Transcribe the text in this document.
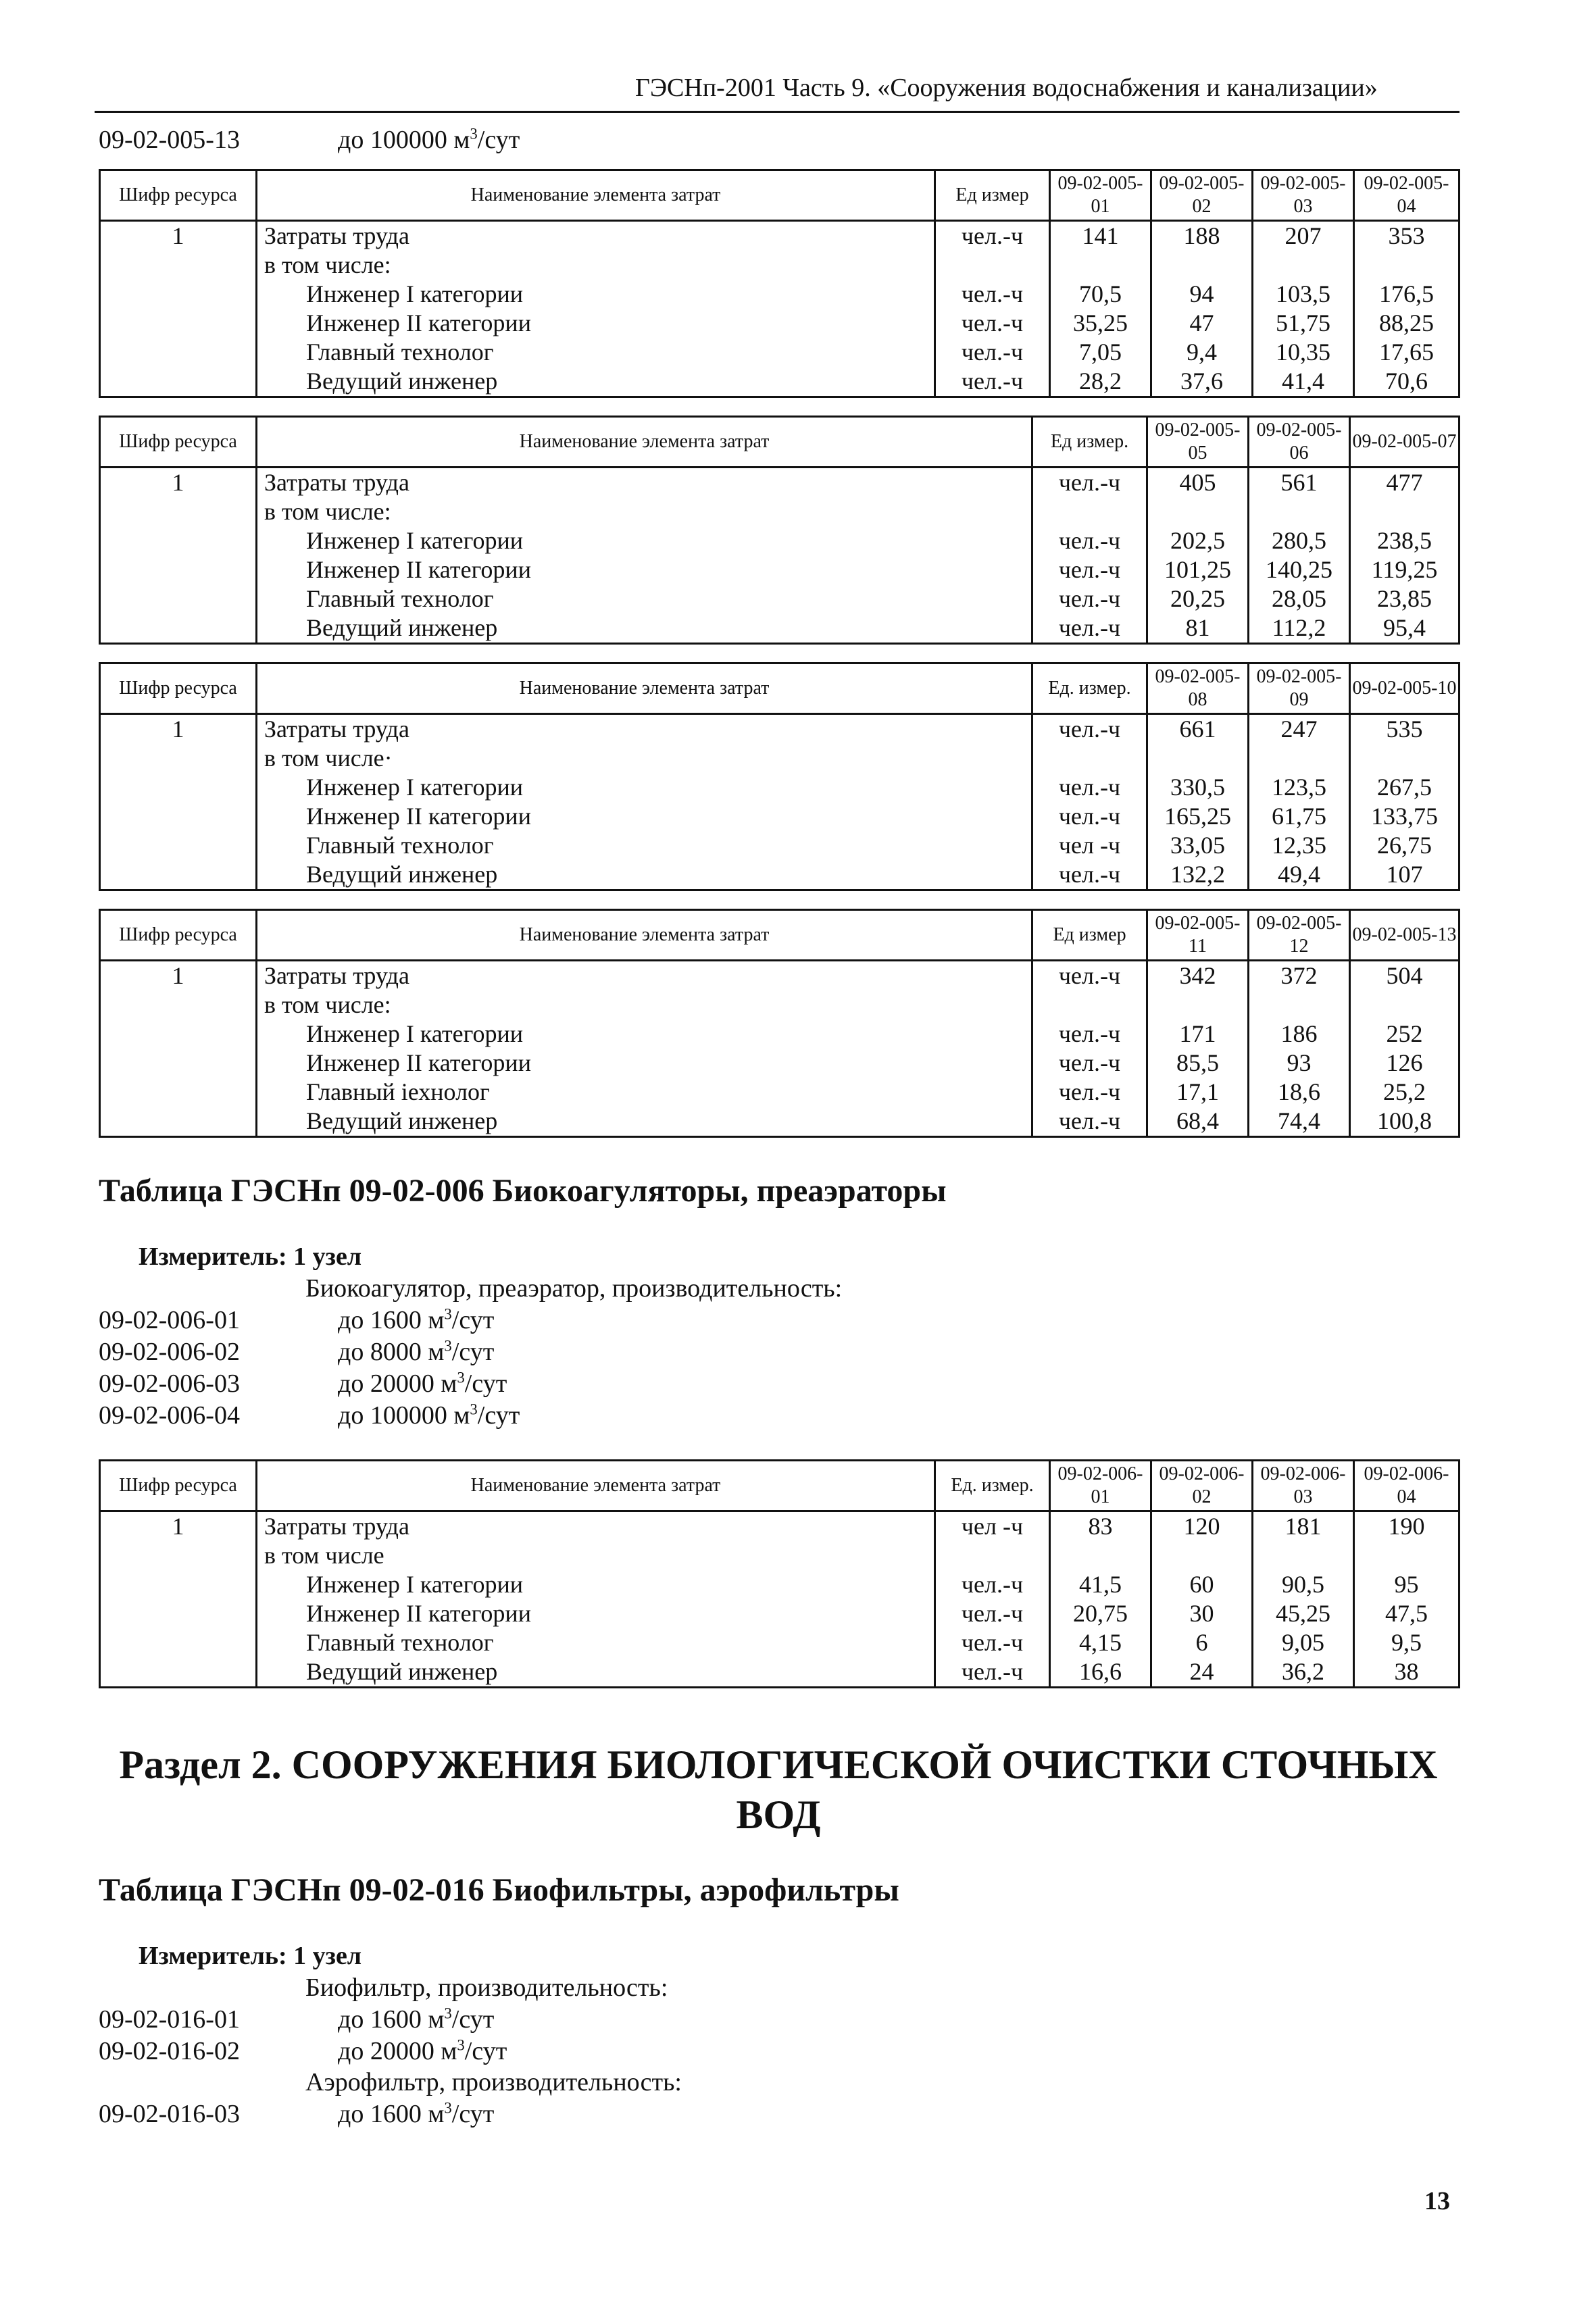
ГЭСНп-2001 Часть 9. «Сооружения водоснабжения и канализации»
09-02-005-13	до 100000 $м^3$/сут
Шифр ресурса	Наименование элемента затрат	Ед измер	09-02-005-01	09-02-005-02	09-02-005-03	09-02-005-04
1	Затраты труда	чел.-ч	141	188	207	353
	в том числе:					
	Инженер I категории	чел.-ч	70,5	94	103,5	176,5
	Инженер II категории	чел.-ч	35,25	47	51,75	88,25
	Главный технолог	чел.-ч	7,05	9,4	10,35	17,65
	Ведущий инженер	чел.-ч	28,2	37,6	41,4	70,6
Шифр ресурса	Наименование элемента затрат	Ед измер.	09-02-005-05	09-02-005-06	09-02-005-07
1	Затраты труда	чел.-ч	405	561	477
	в том числе:				
	Инженер I категории	чел.-ч	202,5	280,5	238,5
	Инженер II категории	чел.-ч	101,25	140,25	119,25
	Главный технолог	чел.-ч	20,25	28,05	23,85
	Ведущий инженер	чел.-ч	81	112,2	95,4
Шифр ресурса	Наименование элемента затрат	Ед. измер.	09-02-005-08	09-02-005-09	09-02-005-10
1	Затраты труда	чел.-ч	661	247	535
	в том числе·				
	Инженер I категории	чел.-ч	330,5	123,5	267,5
	Инженер II категории	чел.-ч	165,25	61,75	133,75
	Главный технолог	чел -ч	33,05	12,35	26,75
	Ведущий инженер	чел.-ч	132,2	49,4	107
Шифр ресурса	Наименование элемента затрат	Ед измер	09-02-005-11	09-02-005-12	09-02-005-13
1	Затраты труда	чел.-ч	342	372	504
	в том числе:				
	Инженер I категории	чел.-ч	171	186	252
	Инженер II категории	чел.-ч	85,5	93	126
	Главный іехнолог	чел.-ч	17,1	18,6	25,2
	Ведущий инженер	чел.-ч	68,4	74,4	100,8
Шифр ресурса	Наименование элемента затрат	Ед. измер.	09-02-006-01	09-02-006-02	09-02-006-03	09-02-006-04
1	Затраты труда	чел -ч	83	120	181	190
	в том числе					
	Инженер I категории	чел.-ч	41,5	60	90,5	95
	Инженер II категории	чел.-ч	20,75	30	45,25	47,5
	Главный технолог	чел.-ч	4,15	6	9,05	9,5
	Ведущий инженер	чел.-ч	16,6	24	36,2	38
Таблица ГЭСНп 09-02-006 Биокоагуляторы, преаэраторы
Измеритель: 1 узел
Биокоагулятор, преаэратор, производительность:
09-02-006-01	до 1600 $м^3$/сут
09-02-006-02	до 8000 $м^3$/сут
09-02-006-03	до 20000 $м^3$/сут
09-02-006-04	до 100000 $м^3$/сут
Раздел 2. СООРУЖЕНИЯ БИОЛОГИЧЕСКОЙ ОЧИСТКИ СТОЧНЫХ ВОД
Таблица ГЭСНп 09-02-016 Биофильтры, аэрофильтры
Измеритель: 1 узел
Биофильтр, производительность:
09-02-016-01	до 1600 $м^3$/сут
09-02-016-02	до 20000 $м^3$/сут
Аэрофильтр, производительность:
09-02-016-03	до 1600 $м^3$/сут
13
